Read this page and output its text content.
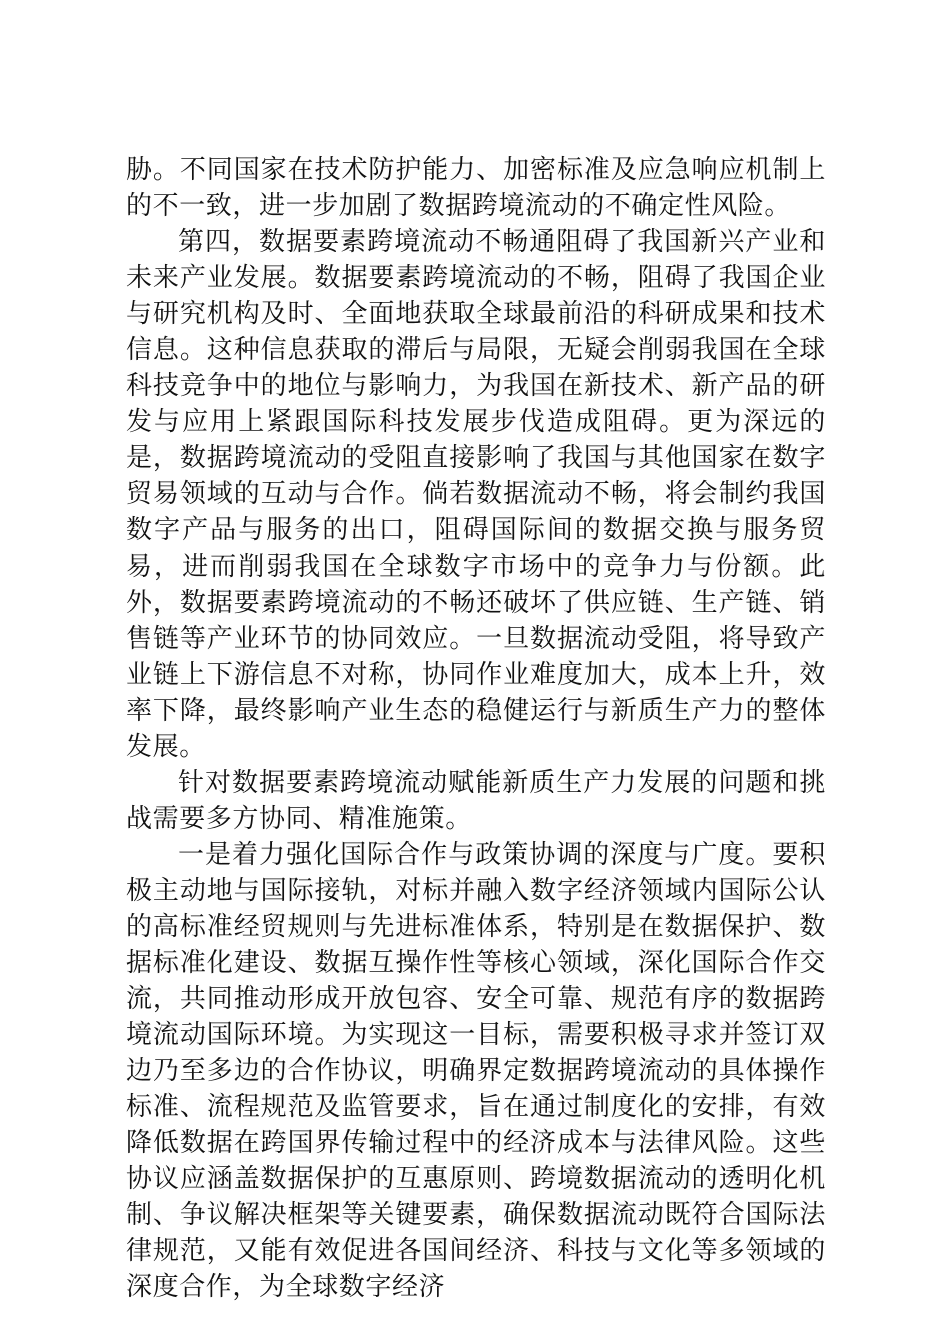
胁。不同国家在技术防护能力、加密标准及应急响应机制上的不一致，进一步加剧了数据跨境流动的不确定性风险。

第四，数据要素跨境流动不畅通阻碍了我国新兴产业和未来产业发展。数据要素跨境流动的不畅，阻碍了我国企业与研究机构及时、全面地获取全球最前沿的科研成果和技术信息。这种信息获取的滞后与局限，无疑会削弱我国在全球科技竞争中的地位与影响力，为我国在新技术、新产品的研发与应用上紧跟国际科技发展步伐造成阻碍。更为深远的是，数据跨境流动的受阻直接影响了我国与其他国家在数字贸易领域的互动与合作。倘若数据流动不畅，将会制约我国数字产品与服务的出口，阻碍国际间的数据交换与服务贸易，进而削弱我国在全球数字市场中的竞争力与份额。此外，数据要素跨境流动的不畅还破坏了供应链、生产链、销售链等产业环节的协同效应。一旦数据流动受阻，将导致产业链上下游信息不对称，协同作业难度加大，成本上升，效率下降，最终影响产业生态的稳健运行与新质生产力的整体发展。

针对数据要素跨境流动赋能新质生产力发展的问题和挑战需要多方协同、精准施策。

一是着力强化国际合作与政策协调的深度与广度。要积极主动地与国际接轨，对标并融入数字经济领域内国际公认的高标准经贸规则与先进标准体系，特别是在数据保护、数据标准化建设、数据互操作性等核心领域，深化国际合作交流，共同推动形成开放包容、安全可靠、规范有序的数据跨境流动国际环境。为实现这一目标，需要积极寻求并签订双边乃至多边的合作协议，明确界定数据跨境流动的具体操作标准、流程规范及监管要求，旨在通过制度化的安排，有效降低数据在跨国界传输过程中的经济成本与法律风险。这些协议应涵盖数据保护的互惠原则、跨境数据流动的透明化机制、争议解决框架等关键要素，确保数据流动既符合国际法律规范，又能有效促进各国间经济、科技与文化等多领域的深度合作，为全球数字经济
